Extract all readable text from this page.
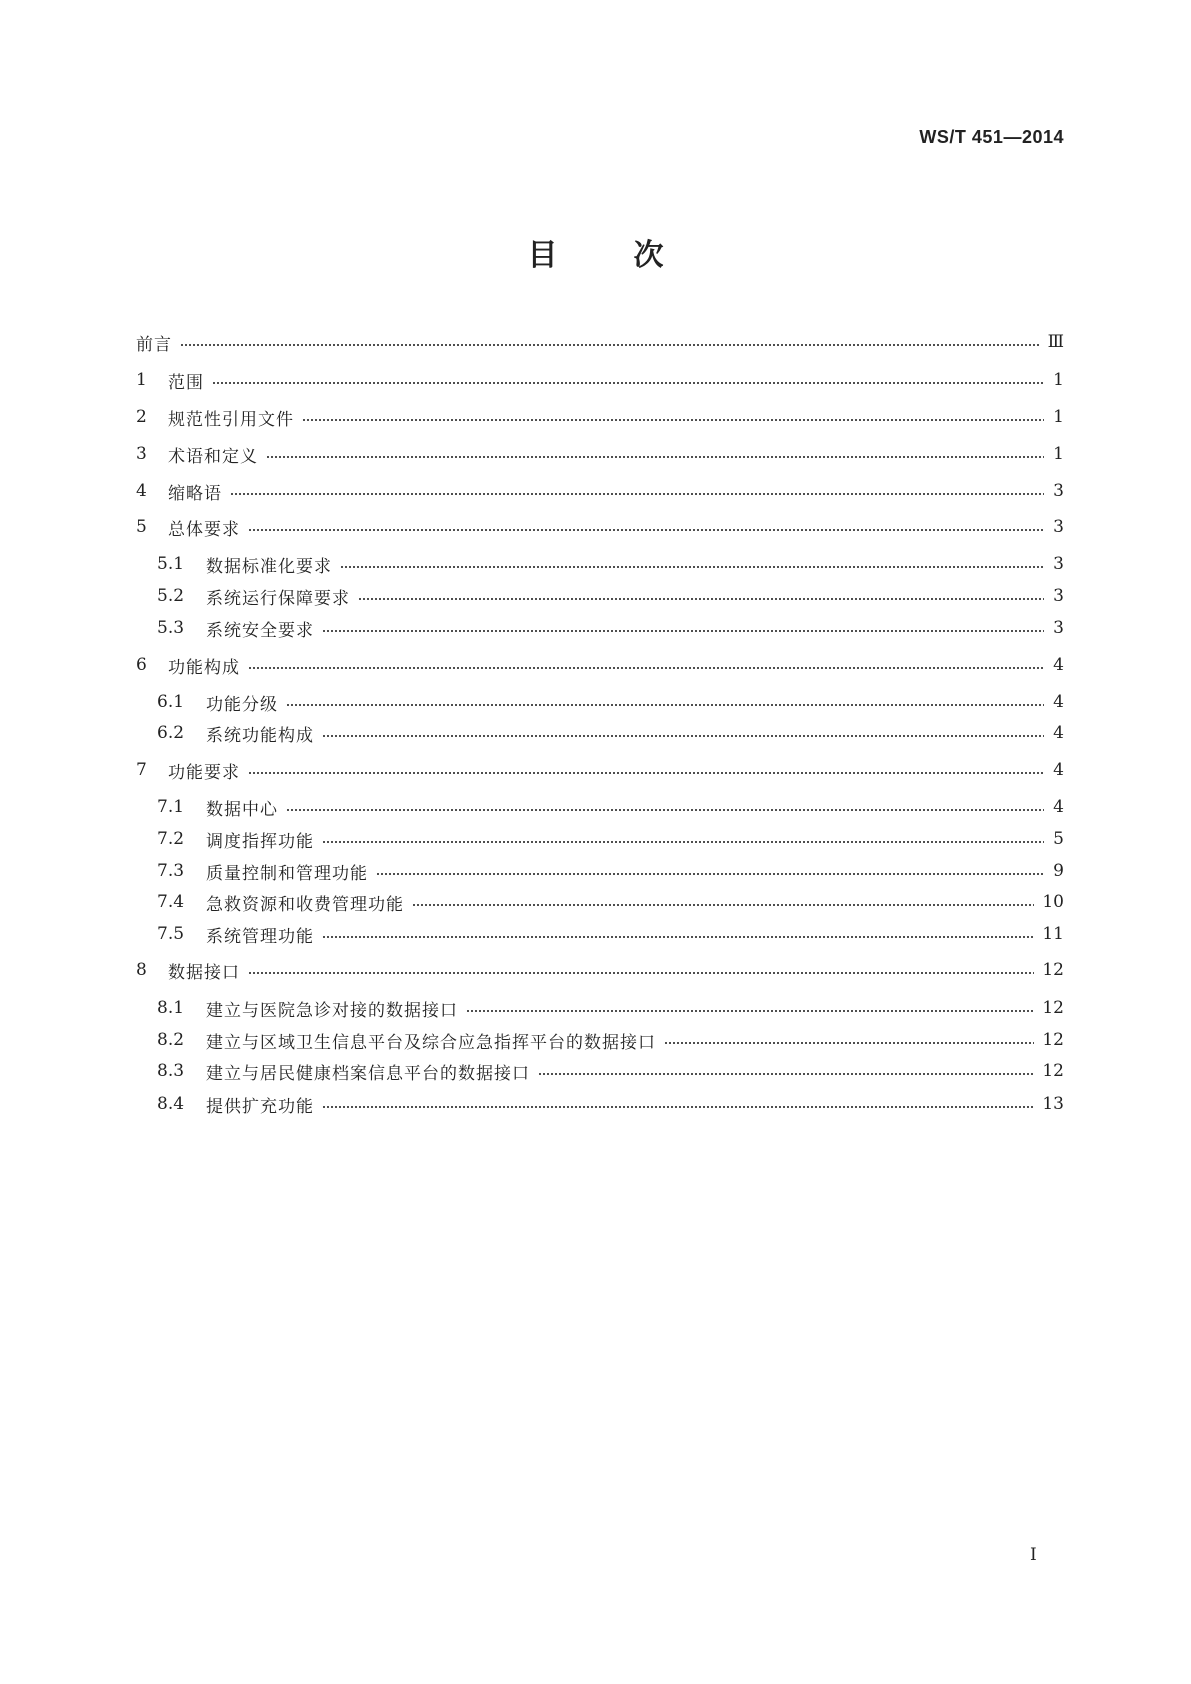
WS/T 451—2014
目	次
前言	Ⅲ
1	范围	1
2	规范性引用文件	1
3	术语和定义	1
4	缩略语	3
5	总体要求	3
5.1	数据标准化要求	3
5.2	系统运行保障要求	3
5.3	系统安全要求	3
6	功能构成	4
6.1	功能分级	4
6.2	系统功能构成	4
7	功能要求	4
7.1	数据中心	4
7.2	调度指挥功能	5
7.3	质量控制和管理功能	9
7.4	急救资源和收费管理功能	10
7.5	系统管理功能	11
8	数据接口	12
8.1	建立与医院急诊对接的数据接口	12
8.2	建立与区域卫生信息平台及综合应急指挥平台的数据接口	12
8.3	建立与居民健康档案信息平台的数据接口	12
8.4	提供扩充功能	13
I
